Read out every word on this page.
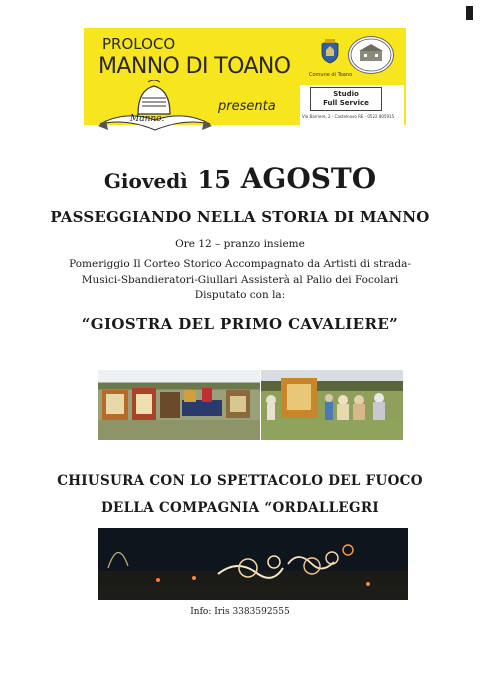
PROLOCO
MANNO DI TOANO	Comune di Toano
presenta
Studio
Full Service
Via Barriere, 2 - Castelnovo RE - 0522 805915
Manno:
Giovedì 15 AGOSTO
PASSEGGIANDO NELLA STORIA DI MANNO
Ore 12 – pranzo insieme
Pomeriggio Il Corteo Storico Accompagnato da Artisti di strada-
Musici-Sbandieratori-Giullari Assisterà al Palio dei Focolari
Disputato con la:
“GIOSTRA DEL PRIMO CAVALIERE”
CHIUSURA CON LO SPETTACOLO DEL FUOCO
DELLA COMPAGNIA “ORDALLEGRI
Info: Iris 3383592555
